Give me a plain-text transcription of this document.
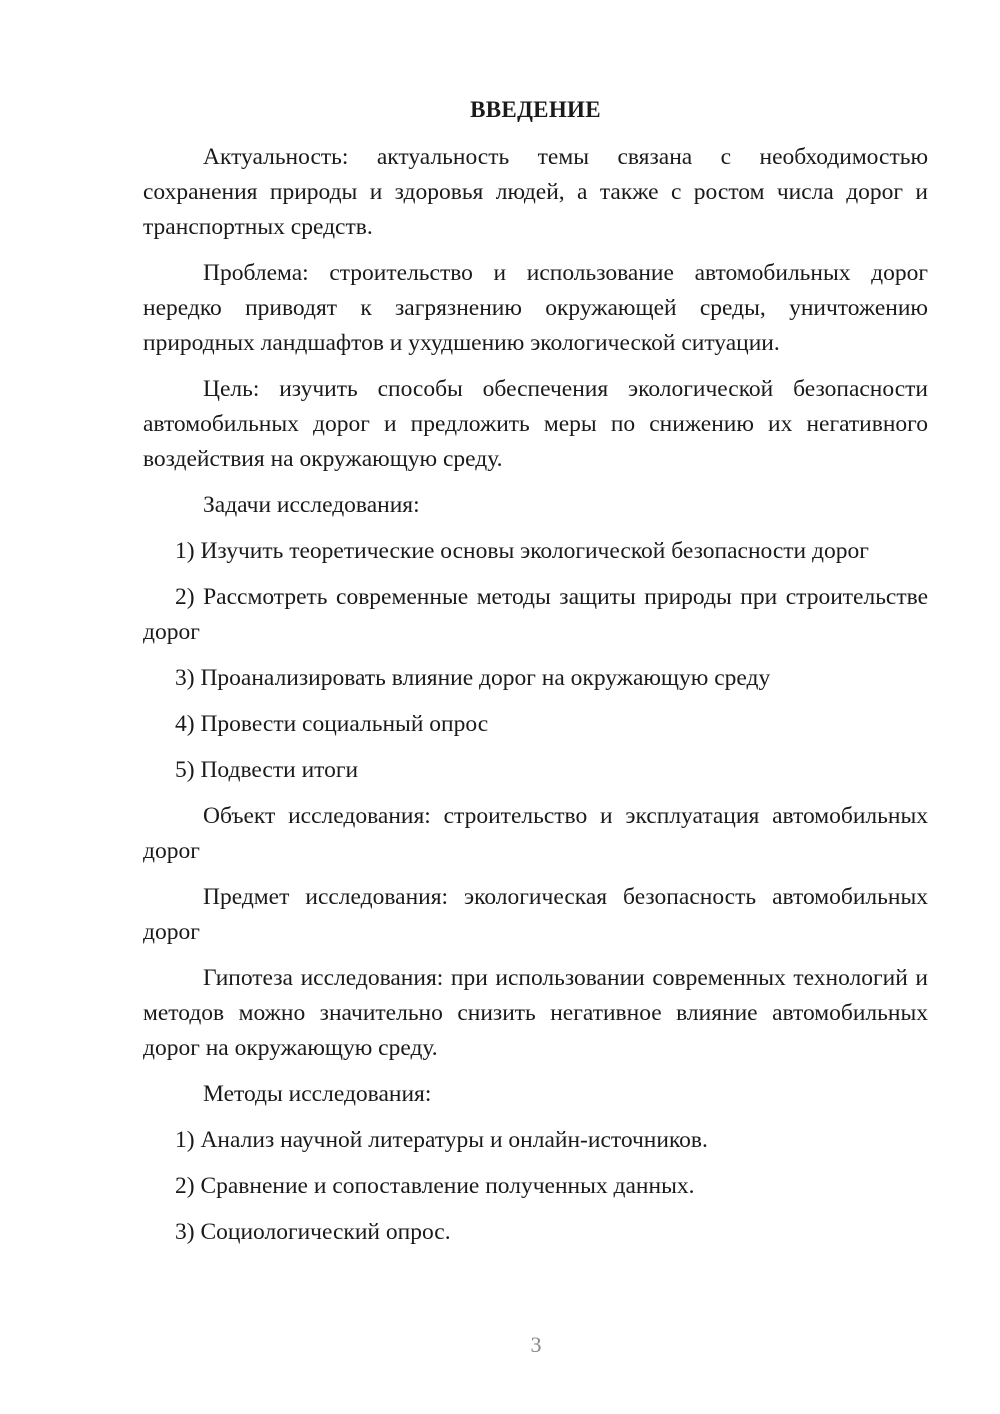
ВВЕДЕНИЕ

Актуальность: актуальность темы связана с необходимостью сохранения природы и здоровья людей, а также с ростом числа дорог и транспортных средств.

Проблема: строительство и использование автомобильных дорог нередко приводят к загрязнению окружающей среды, уничтожению природных ландшафтов и ухудшению экологической ситуации.

Цель: изучить способы обеспечения экологической безопасности автомобильных дорог и предложить меры по снижению их негативного воздействия на окружающую среду.

Задачи исследования:

1) Изучить теоретические основы экологической безопасности дорог

2) Рассмотреть современные методы защиты природы при строительстве дорог

3) Проанализировать влияние дорог на окружающую среду

4) Провести социальный опрос

5) Подвести итоги

Объект исследования: строительство и эксплуатация автомобильных дорог

Предмет исследования: экологическая безопасность автомобильных дорог

Гипотеза исследования: при использовании современных технологий и методов можно значительно снизить негативное влияние автомобильных дорог на окружающую среду.

Методы исследования:

1) Анализ научной литературы и онлайн-источников.

2) Сравнение и сопоставление полученных данных.

3) Социологический опрос.

3
